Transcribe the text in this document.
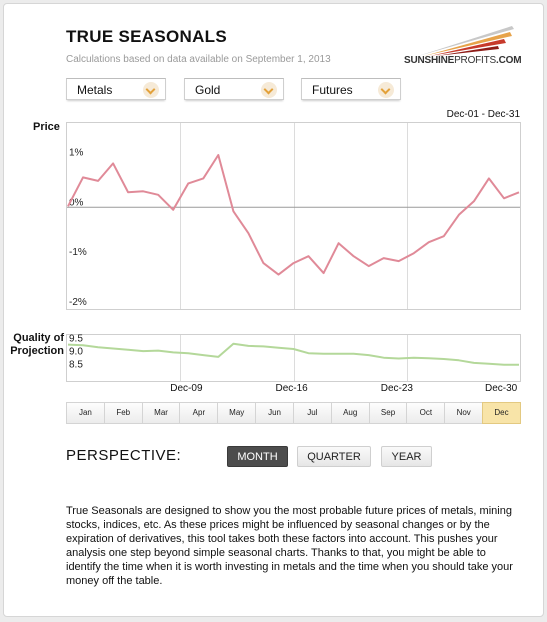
TRUE SEASONALS
Calculations based on data available on September 1, 2013	SUNSHINEPROFITS.COM
Metals	Gold	Futures
Dec-01 - Dec-31
Price
1%
0%
-1%
-2%
Quality of Projection
9.5
9.0
8.5
Dec-09	Dec-16	Dec-23	Dec-30
Jan	Feb	Mar	Apr	May	Jun	Jul	Aug	Sep	Oct	Nov	Dec
PERSPECTIVE:	MONTH	QUARTER	YEAR
True Seasonals are designed to show you the most probable future prices of metals, mining stocks, indices, etc. As these prices might be influenced by seasonal changes or by the expiration of derivatives, this tool takes both these factors into account. This pushes your analysis one step beyond simple seasonal charts. Thanks to that, you might be able to identify the time when it is worth investing in metals and the time when you should take your money off the table.
